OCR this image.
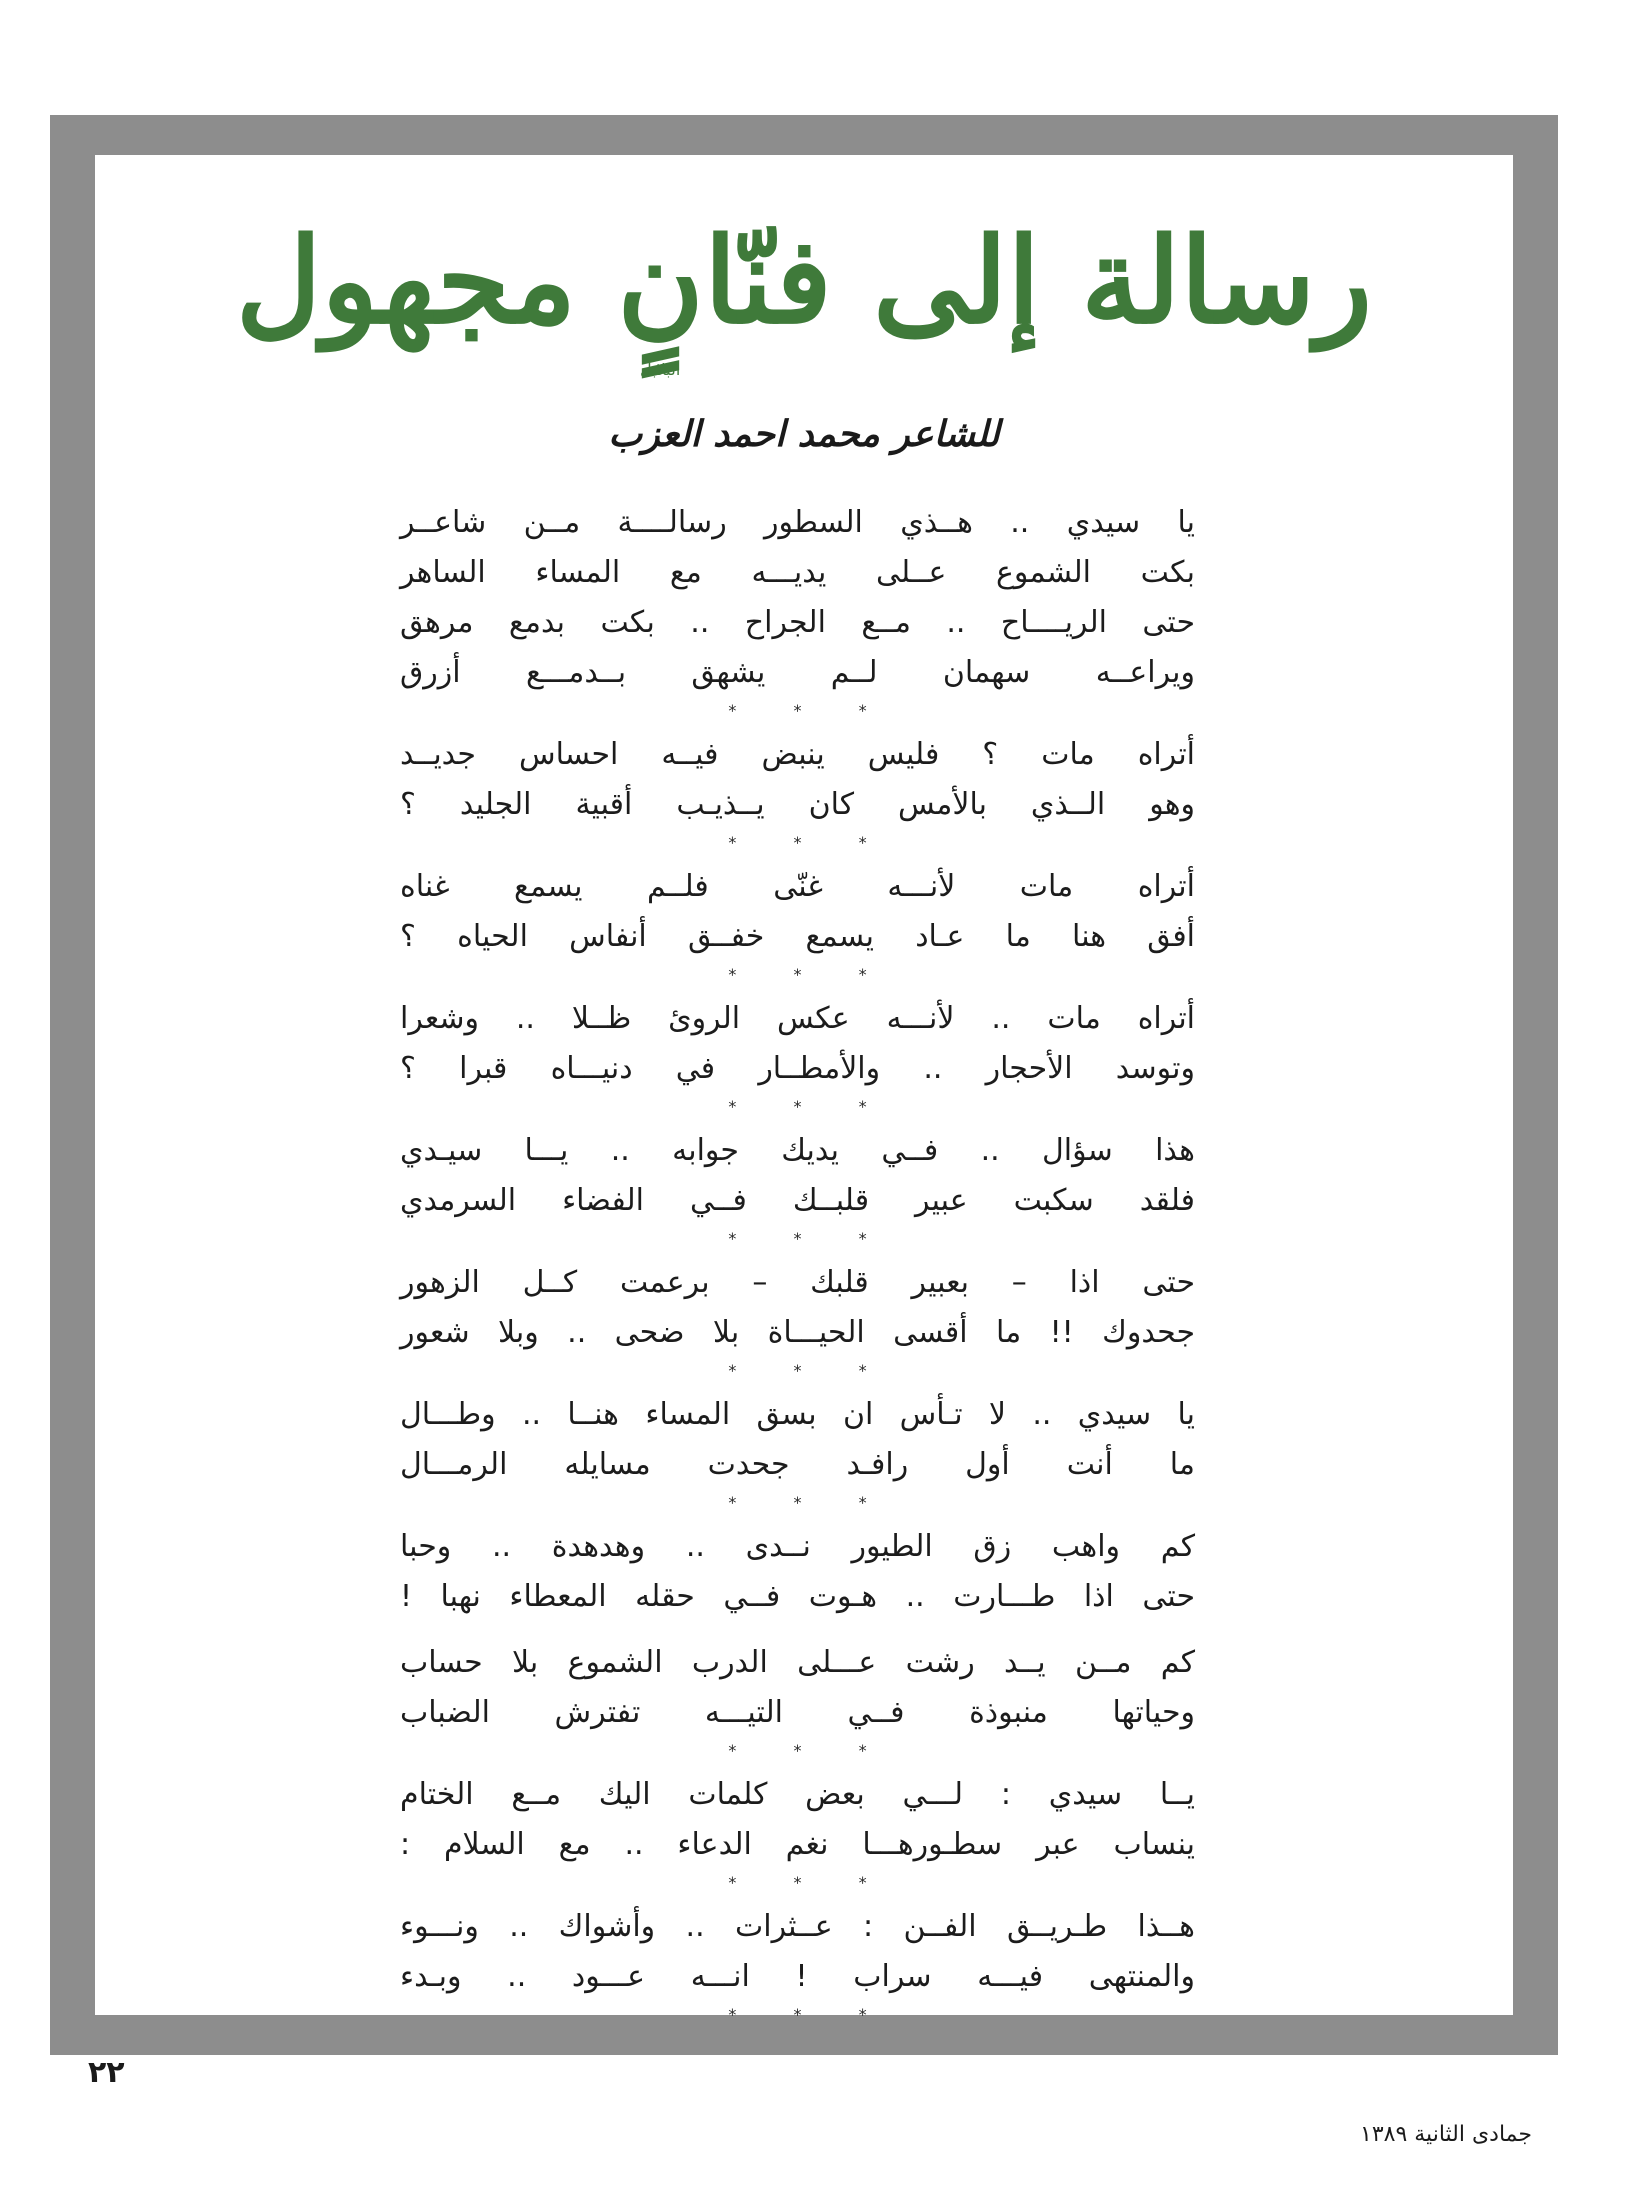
رسالة إلى فنّانٍ مجهول
البلابل
للشاعر محمد احمد العزب
يا سيدي .. هــذي السطور رسالــــة مــن شاعــر
بكت الشموع عــلى يديـــه مع المساء الساهر
حتى الريــــاح .. مــع الجراح .. بكت بدمع مرهق
ويراعــه سهمان لــم يشهق بــدمـــع أزرق
* * *
أتراه مات ؟ فليس ينبض فيــه احساس جديــد
وهو الــذي بالأمس كان يــذيـب أقبية الجليد ؟
* * *
أتراه مات لأنـــه غنّى فلــم يسمع غناه
أفق هنا ما عـاد يسمع خفــق أنفاس الحياه ؟
* * *
أتراه مات .. لأنـــه عكس الروئ ظــلا .. وشعرا
وتوسد الأحجار .. والأمطــار في دنيـــاه قبرا ؟
* * *
هذا سؤال .. فــي يديك جوابه .. يـــا سيـدي
فلقد سكبت عبير قلبــك فــي الفضاء السرمدي
* * *
حتى اذا – بعبير قلبك – برعمت كــل الزهور
جحدوك !! ما أقسى الحيـــاة بلا ضحى .. وبلا شعور
* * *
يا سيدي .. لا تـأس ان بسق المساء هنــا .. وطـــال
ما أنت أول رافـد جحدت مسايله الرمـــال
* * *
كم واهب زق الطيور نــدى .. وهدهدة .. وحبا
حتى اذا طـــارت .. هـوت فــي حقله المعطاء نهبا !
كم مــن يــد رشت عـــلى الدرب الشموع بلا حساب
وحياتها منبوذة فــي التيـــه تفترش الضباب
* * *
يــا سيدي : لـــي بعض كلمات اليك مــع الختام
ينساب عبر سطـورهـــا نغم الدعاء .. مع السلام :
* * *
هــذا طـريــق الفــن : عــثرات .. وأشواك .. ونـــوء
والمنتهى فيـــه سراب ! انـــه عـــود .. وبـدء
* * *
٢٢
جمادى الثانية ١٣٨٩
